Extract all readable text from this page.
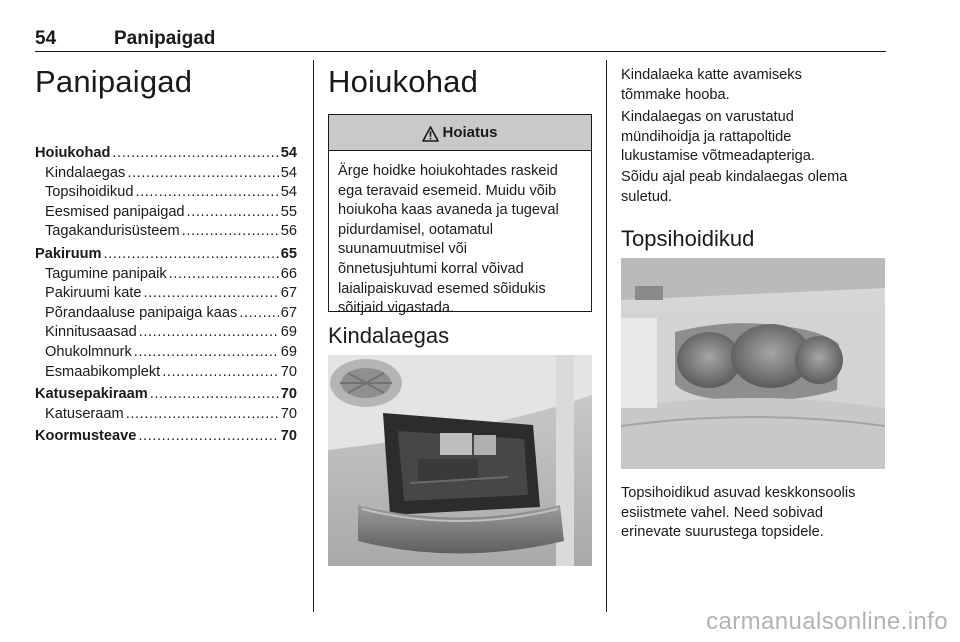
54	Panipaigad
Panipaigad
Hoiukohad .....	54
Kindalaegas .....	54
Topsihoidikud .....	54
Eesmised panipaigad .....	55
Tagakandurisüsteem .....	56
Pakiruum .....	65
Tagumine panipaik .....	66
Pakiruumi kate .....	67
Põrandaaluse panipaiga kaas .....	67
Kinnitusaasad .....	69
Ohukolmnurk .....	69
Esmaabikomplekt .....	70
Katusepakiraam .....	70
Katuseraam .....	70
Koormusteave .....	70
Hoiukohad
Hoiatus
Ärge hoidke hoiukohtades raskeid
ega teravaid esemeid. Muidu võib
hoiukoha kaas avaneda ja tugeval
pidurdamisel, ootamatul
suunamuutmisel või
õnnetusjuhtumi korral võivad
laialipaiskuvad esemed sõidukis
sõitjaid vigastada.
Kindalaegas
Kindalaeka katte avamiseks
tõmmake hooba.
Kindalaegas on varustatud
mündihoidja ja rattapoltide
lukustamise võtmeadapteriga.
Sõidu ajal peab kindalaegas olema
suletud.
Topsihoidikud
Topsihoidikud asuvad keskkonsoolis
esiistmete vahel. Need sobivad
erinevate suurustega topsidele.
carmanualsonline.info
